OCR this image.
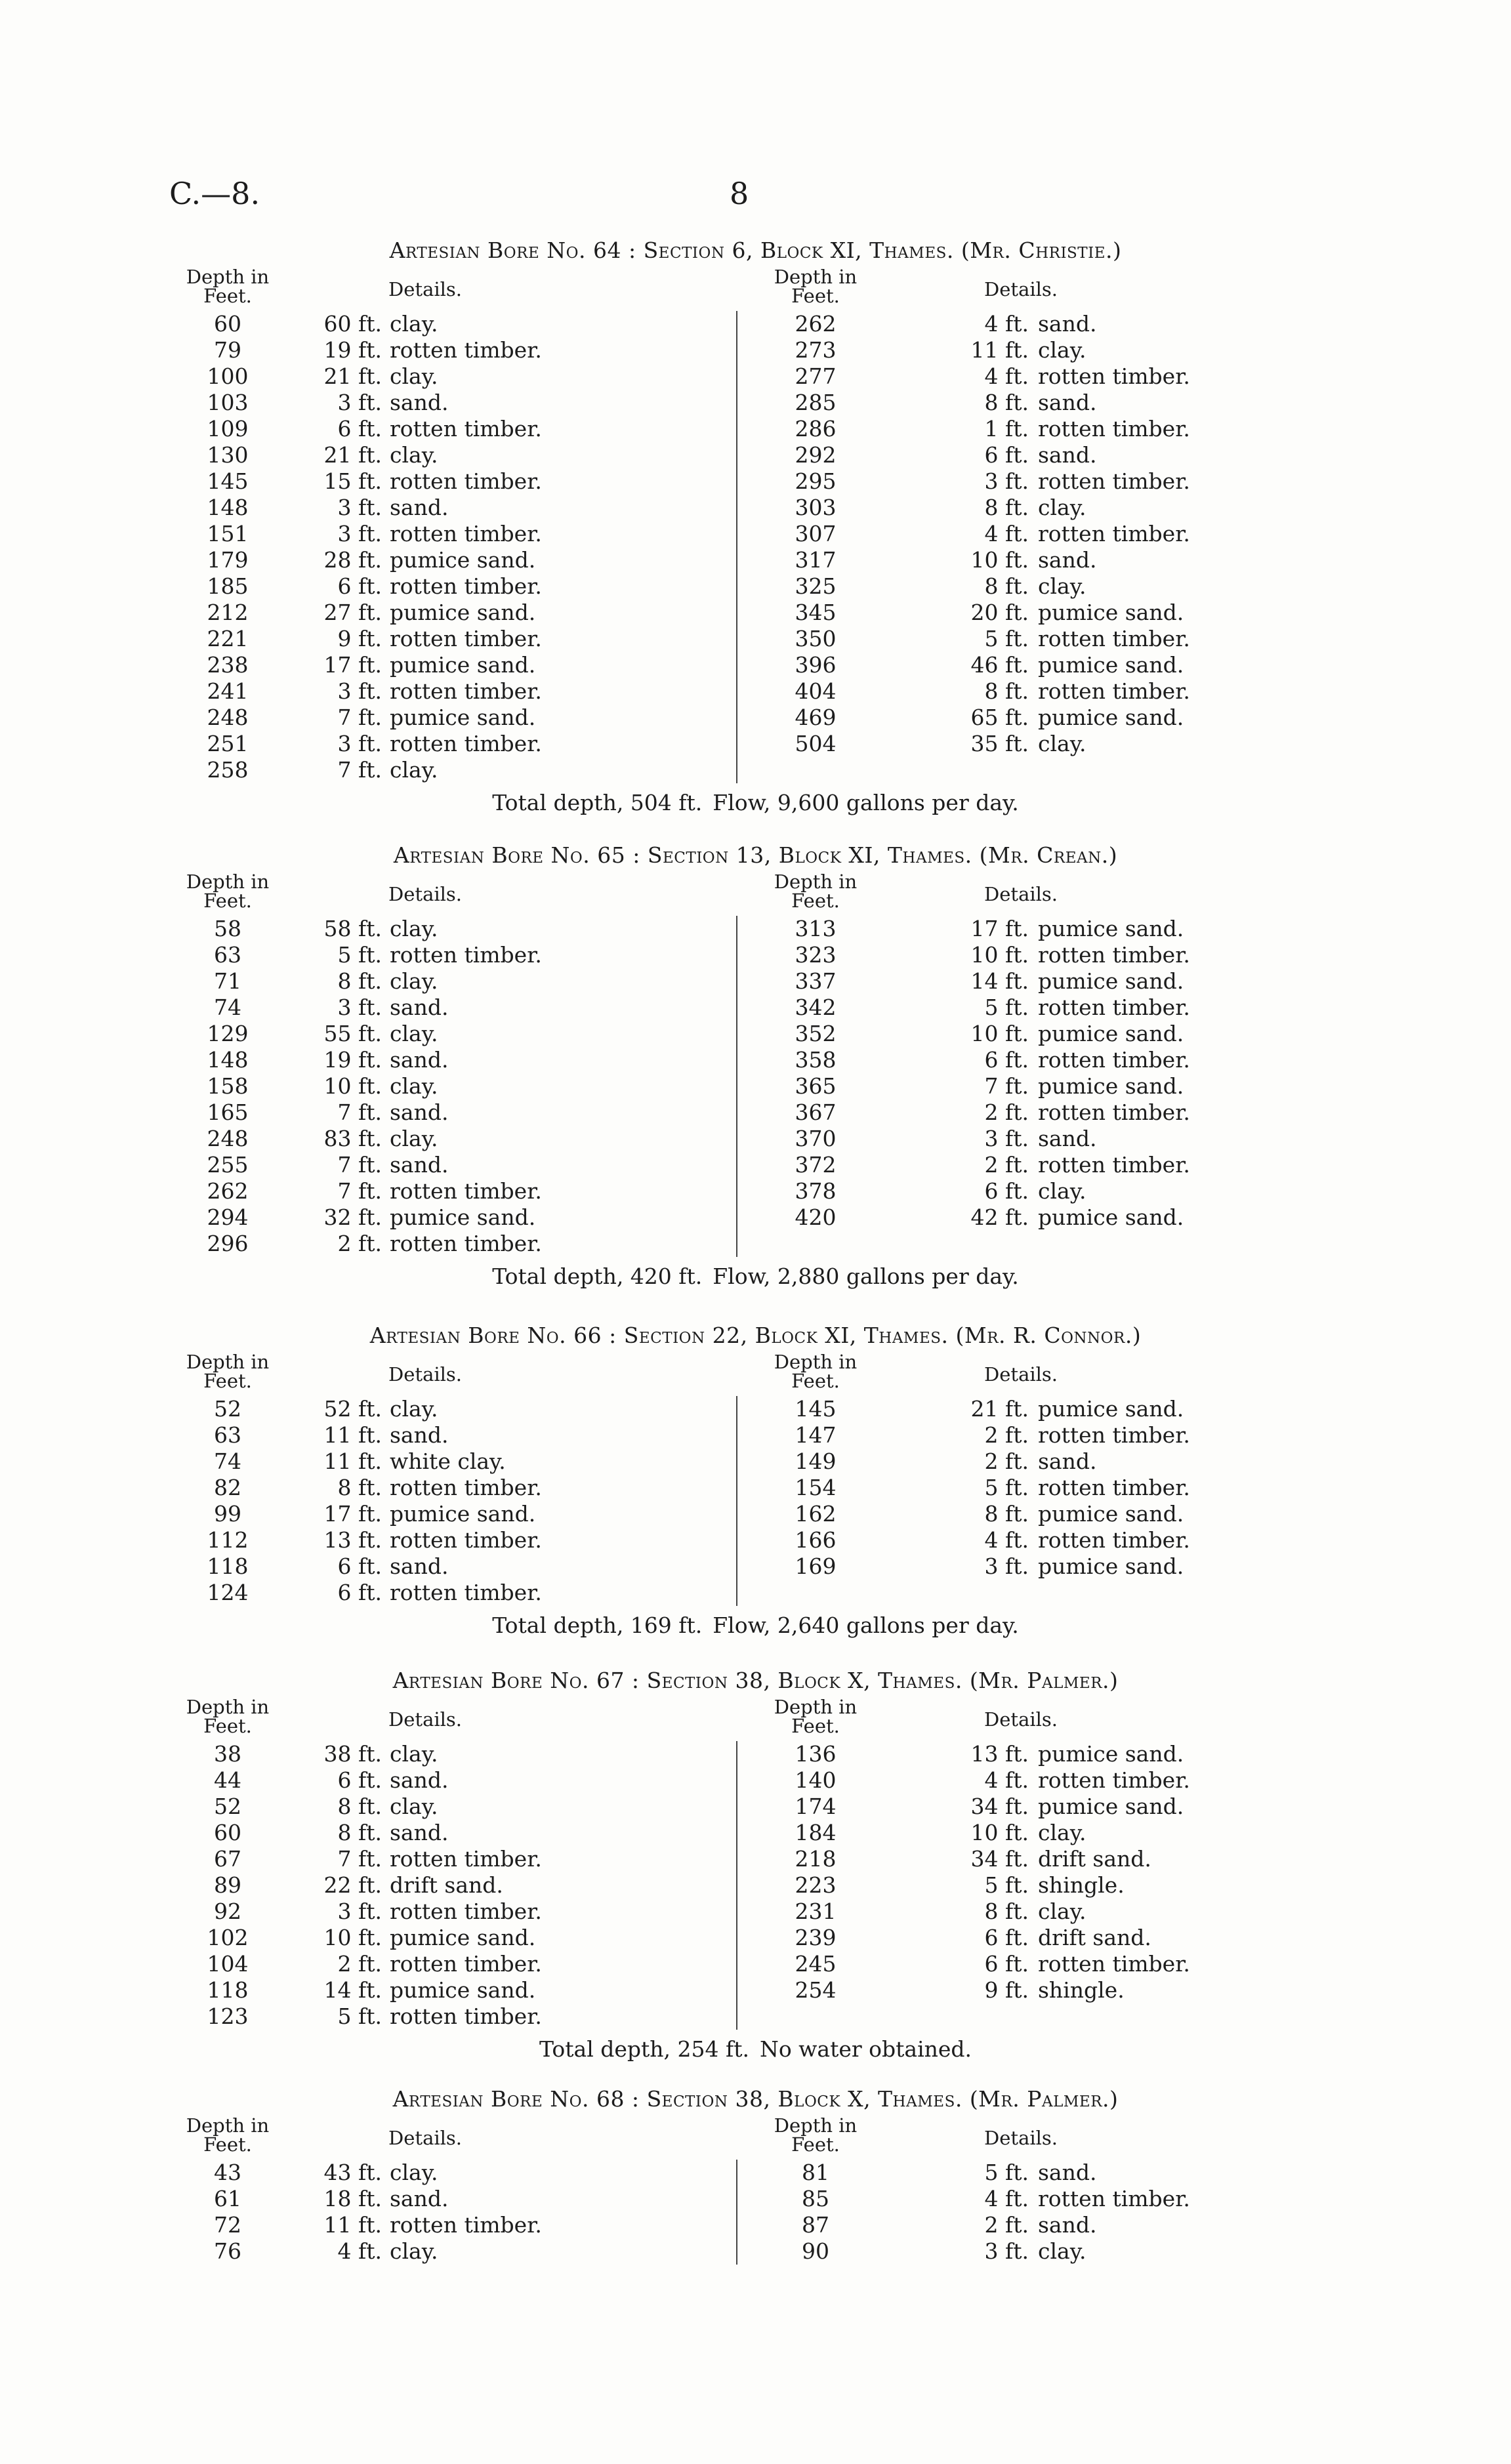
C.—8.	8
Artesian Bore No. 64 : Section 6, Block XI, Thames. (Mr. Christie.)
Depth in Feet.	Details.
60	60 ft. clay.
79	19 ft. rotten timber.
100	21 ft. clay.
103	3 ft. sand.
109	6 ft. rotten timber.
130	21 ft. clay.
145	15 ft. rotten timber.
148	3 ft. sand.
151	3 ft. rotten timber.
179	28 ft. pumice sand.
185	6 ft. rotten timber.
212	27 ft. pumice sand.
221	9 ft. rotten timber.
238	17 ft. pumice sand.
241	3 ft. rotten timber.
248	7 ft. pumice sand.
251	3 ft. rotten timber.
258	7 ft. clay.
Depth in Feet.	Details.
262	4 ft. sand.
273	11 ft. clay.
277	4 ft. rotten timber.
285	8 ft. sand.
286	1 ft. rotten timber.
292	6 ft. sand.
295	3 ft. rotten timber.
303	8 ft. clay.
307	4 ft. rotten timber.
317	10 ft. sand.
325	8 ft. clay.
345	20 ft. pumice sand.
350	5 ft. rotten timber.
396	46 ft. pumice sand.
404	8 ft. rotten timber.
469	65 ft. pumice sand.
504	35 ft. clay.
Total depth, 504 ft. Flow, 9,600 gallons per day.
Artesian Bore No. 65 : Section 13, Block XI, Thames. (Mr. Crean.)
Depth in Feet.	Details.
58	58 ft. clay.
63	5 ft. rotten timber.
71	8 ft. clay.
74	3 ft. sand.
129	55 ft. clay.
148	19 ft. sand.
158	10 ft. clay.
165	7 ft. sand.
248	83 ft. clay.
255	7 ft. sand.
262	7 ft. rotten timber.
294	32 ft. pumice sand.
296	2 ft. rotten timber.
Depth in Feet.	Details.
313	17 ft. pumice sand.
323	10 ft. rotten timber.
337	14 ft. pumice sand.
342	5 ft. rotten timber.
352	10 ft. pumice sand.
358	6 ft. rotten timber.
365	7 ft. pumice sand.
367	2 ft. rotten timber.
370	3 ft. sand.
372	2 ft. rotten timber.
378	6 ft. clay.
420	42 ft. pumice sand.
Total depth, 420 ft. Flow, 2,880 gallons per day.
Artesian Bore No. 66 : Section 22, Block XI, Thames. (Mr. R. Connor.)
Depth in Feet.	Details.
52	52 ft. clay.
63	11 ft. sand.
74	11 ft. white clay.
82	8 ft. rotten timber.
99	17 ft. pumice sand.
112	13 ft. rotten timber.
118	6 ft. sand.
124	6 ft. rotten timber.
Depth in Feet.	Details.
145	21 ft. pumice sand.
147	2 ft. rotten timber.
149	2 ft. sand.
154	5 ft. rotten timber.
162	8 ft. pumice sand.
166	4 ft. rotten timber.
169	3 ft. pumice sand.
Total depth, 169 ft. Flow, 2,640 gallons per day.
Artesian Bore No. 67 : Section 38, Block X, Thames. (Mr. Palmer.)
Depth in Feet.	Details.
38	38 ft. clay.
44	6 ft. sand.
52	8 ft. clay.
60	8 ft. sand.
67	7 ft. rotten timber.
89	22 ft. drift sand.
92	3 ft. rotten timber.
102	10 ft. pumice sand.
104	2 ft. rotten timber.
118	14 ft. pumice sand.
123	5 ft. rotten timber.
Depth in Feet.	Details.
136	13 ft. pumice sand.
140	4 ft. rotten timber.
174	34 ft. pumice sand.
184	10 ft. clay.
218	34 ft. drift sand.
223	5 ft. shingle.
231	8 ft. clay.
239	6 ft. drift sand.
245	6 ft. rotten timber.
254	9 ft. shingle.
Total depth, 254 ft. No water obtained.
Artesian Bore No. 68 : Section 38, Block X, Thames. (Mr. Palmer.)
Depth in Feet.	Details.
43	43 ft. clay.
61	18 ft. sand.
72	11 ft. rotten timber.
76	4 ft. clay.
Depth in Feet.	Details.
81	5 ft. sand.
85	4 ft. rotten timber.
87	2 ft. sand.
90	3 ft. clay.
